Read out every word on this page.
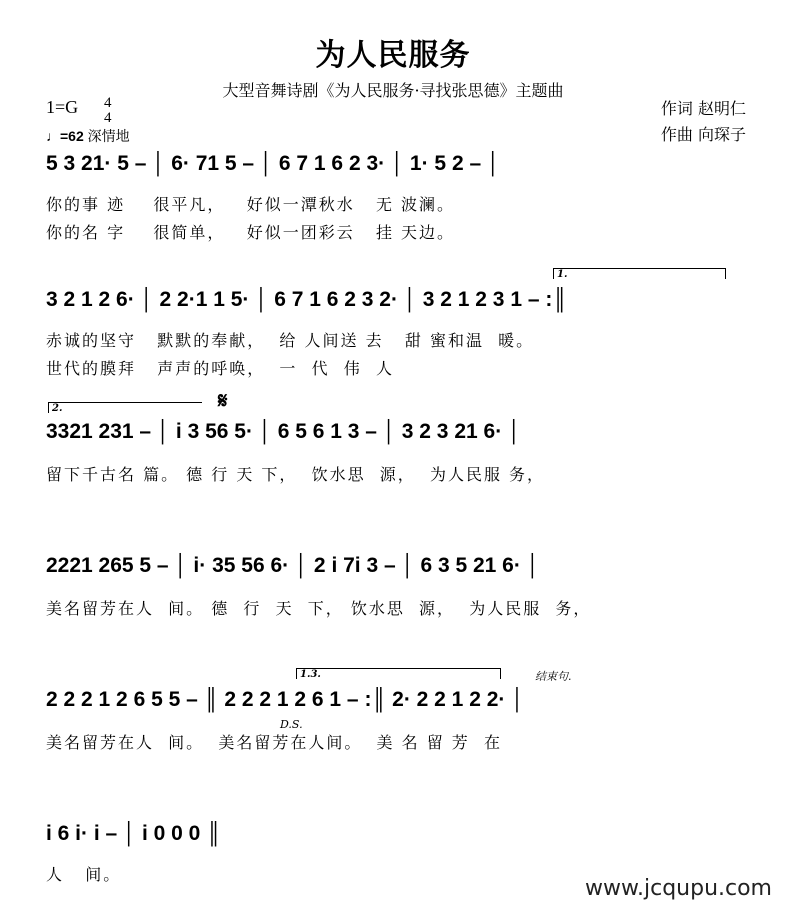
为人民服务
大型音舞诗剧《为人民服务·寻找张思德》主题曲
作词 赵明仁
作曲 向琛子
1=G 4
4
♩=62 深情地
5 3 21· 5 – │ 6· 71 5 – │ 6 7 1 6 2 3· │ 1· 5 2 – │
你的事 迹    很平凡，   好似一潭秋水   无 波澜。
你的名 字    很简单，   好似一团彩云   挂 天边。
1.
3 2 1 2 6· │ 2 2·1 1 5· │ 6 7 1 6 2 3 2· │ 3 2 1 2 3 1 – :║
赤诚的坚守   默默的奉献，  给 人间送 去   甜 蜜和温  暖。
世代的膜拜   声声的呼唤，  一  代  伟  人
2.	𝄋
3321 231 – │ i 3 56 5· │ 6 5 6 1 3 – │ 3 2 3 21 6· │
留下千古名 篇。 德 行 天 下，  饮水思  源，  为人民服 务，
2221 265 5 – │ i· 35 56 6· │ 2 i 7i 3 – │ 6 3 5 21 6· │
美名留芳在人  间。 德  行  天  下， 饮水思  源，  为人民服  务，
1.3.	结束句.
D.S.
2 2 2 1 2 6 5 5 – ║ 2 2 2 1 2 6 1 – :║ 2· 2 2 1 2 2· │
美名留芳在人  间。  美名留芳在人间。  美 名 留 芳  在
i 6 i· i – │ i 0 0 0 ║
人   间。
www.jcqupu.com
